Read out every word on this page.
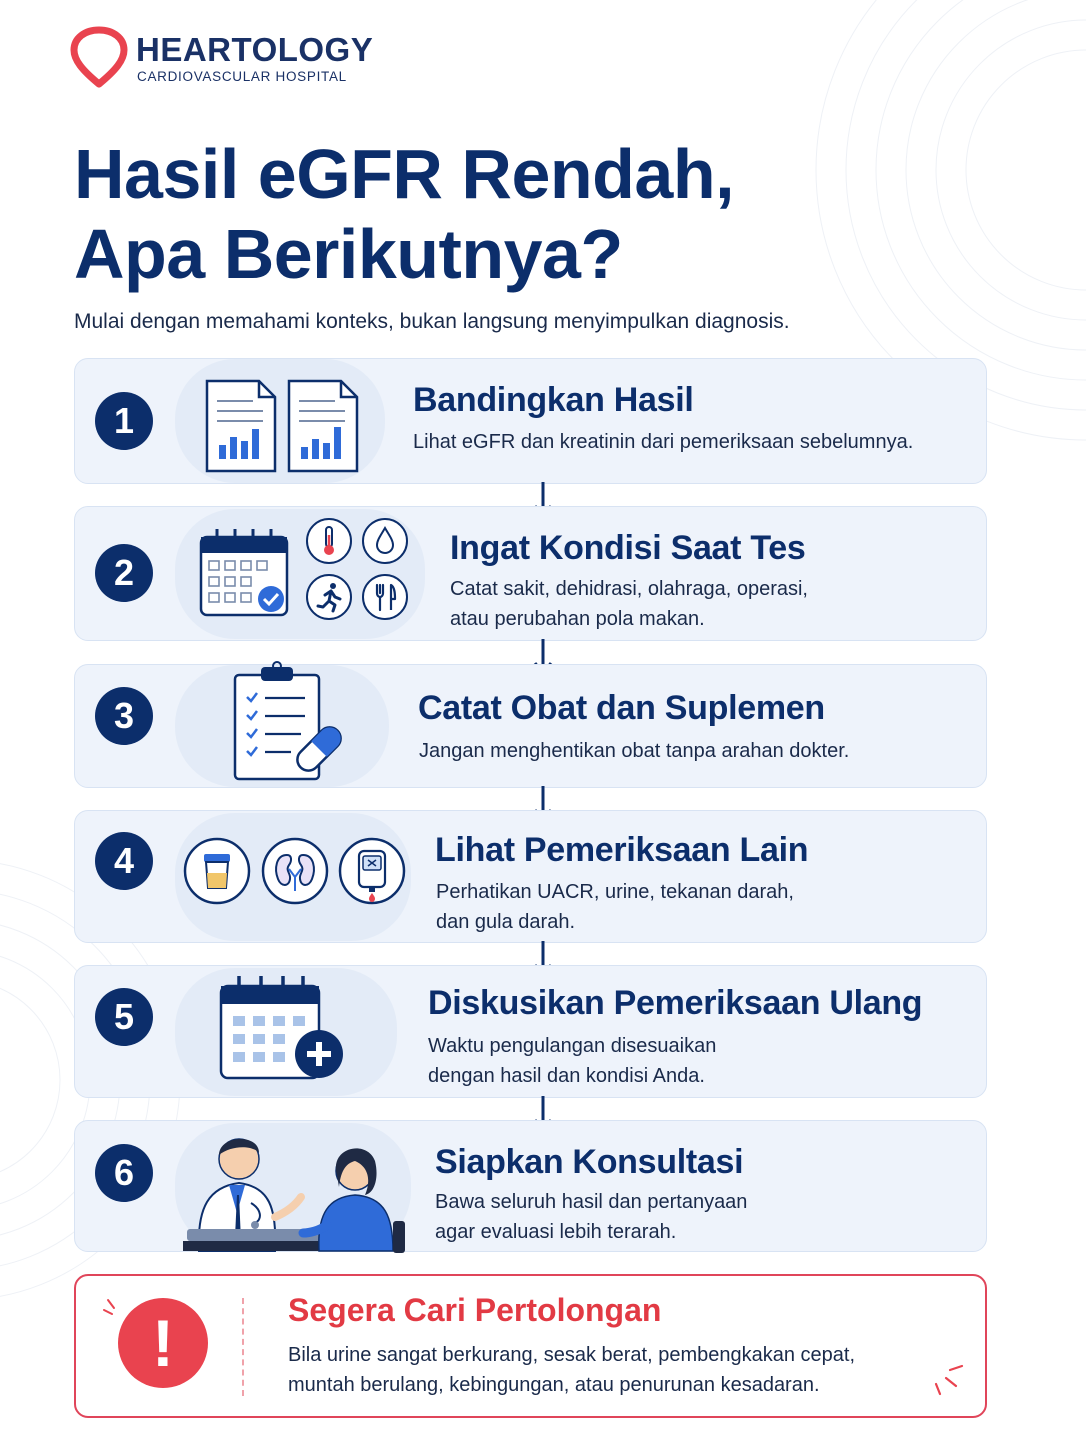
HEARTOLOGY
CARDIOVASCULAR HOSPITAL
Hasil eGFR Rendah,
Apa Berikutnya?
Mulai dengan memahami konteks, bukan langsung menyimpulkan diagnosis.
1	Bandingkan Hasil
Lihat eGFR dan kreatinin dari pemeriksaan sebelumnya.
2
Ingat Kondisi Saat Tes
Catat sakit, dehidrasi, olahraga, operasi,
atau perubahan pola makan.
3	Catat Obat dan Suplemen
Jangan menghentikan obat tanpa arahan dokter.
4	Lihat Pemeriksaan Lain
Perhatikan UACR, urine, tekanan darah,
dan gula darah.
5	Diskusikan Pemeriksaan Ulang
Waktu pengulangan disesuaikan
dengan hasil dan kondisi Anda.
6	Siapkan Konsultasi
Bawa seluruh hasil dan pertanyaan
agar evaluasi lebih terarah.
!	Segera Cari Pertolongan
Bila urine sangat berkurang, sesak berat, pembengkakan cepat,
muntah berulang, kebingungan, atau penurunan kesadaran.
